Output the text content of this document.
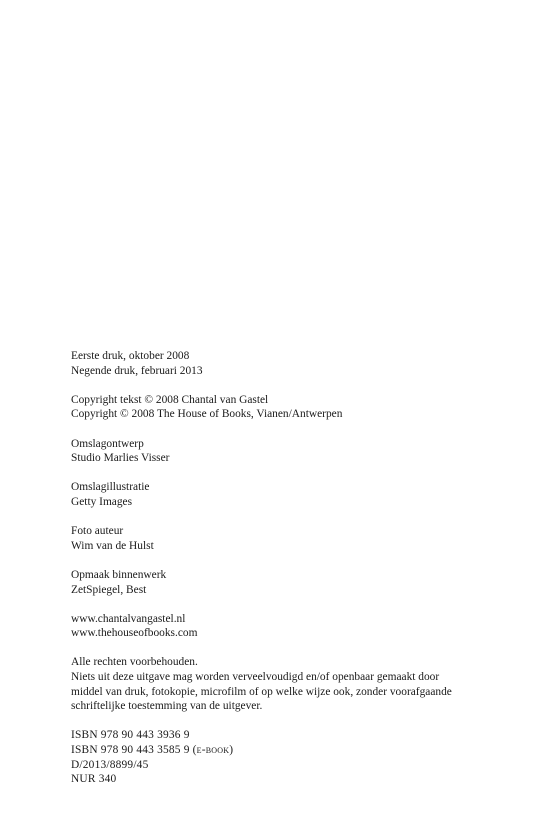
Eerste druk, oktober 2008
Negende druk, februari 2013
Copyright tekst © 2008 Chantal van Gastel
Copyright © 2008 The House of Books, Vianen/Antwerpen
Omslagontwerp
Studio Marlies Visser
Omslagillustratie
Getty Images
Foto auteur
Wim van de Hulst
Opmaak binnenwerk
ZetSpiegel, Best
www.chantalvangastel.nl
www.thehouseofbooks.com
Alle rechten voorbehouden.
Niets uit deze uitgave mag worden verveelvoudigd en/of openbaar gemaakt door
middel van druk, fotokopie, microfilm of op welke wijze ook, zonder voorafgaande
schriftelijke toestemming van de uitgever.
ISBN 978 90 443 3936 9
ISBN 978 90 443 3585 9 (e-book)
D/2013/8899/45
NUR 340
